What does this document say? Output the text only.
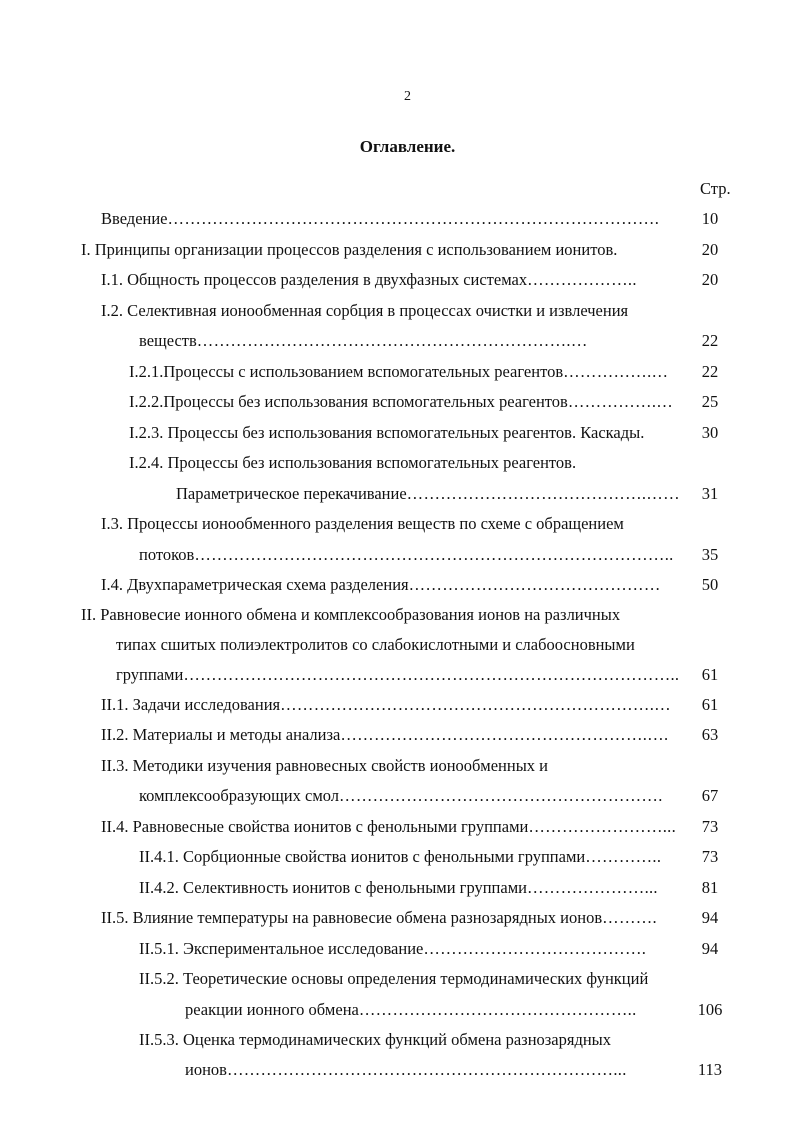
2
Оглавление.
Стр.
Введение…………………………………………………………………………….	10
I. Принципы организации процессов разделения с использованием ионитов.	20
I.1. Общность процессов разделения в двухфазных системах………………..	20
I.2. Селективная ионообменная сорбция в процессах очистки и извлечения
веществ………………………………………………………….…	22
I.2.1.Процессы с использованием вспомогательных реагентов…………….…	22
I.2.2.Процессы без использования вспомогательных реагентов…………….…	25
I.2.3. Процессы без использования вспомогательных реагентов. Каскады.	30
I.2.4. Процессы без использования вспомогательных реагентов.
Параметрическое перекачивание…………………………………….……	31
I.3. Процессы ионообменного разделения веществ по схеме с обращением
потоков…………………………………………………………………………..	35
I.4. Двухпараметрическая схема разделения………………………………………	50
II. Равновесие ионного обмена и комплексообразования ионов на различных
типах сшитых полиэлектролитов со слабокислотными и слабоосновными
группами……………………………………………………………………………..	61
II.1. Задачи исследования………………………………………………………….…	61
II.2. Материалы и методы анализа……………………………………………….….	63
II.3. Методики изучения равновесных свойств ионообменных и
комплексообразующих смол………………………………………………….	67
II.4. Равновесные свойства ионитов с фенольными группами……………………...	73
II.4.1. Сорбционные свойства ионитов с фенольными группами…………..	73
II.4.2. Селективность ионитов с фенольными группами…………………...	81
II.5. Влияние температуры на равновесие обмена разнозарядных ионов……….	94
II.5.1. Экспериментальное исследование………………………………….	94
II.5.2. Теоретические основы определения термодинамических функций
реакции ионного обмена…………………………………………..	106
II.5.3. Оценка термодинамических функций обмена разнозарядных
ионов……………………………………………………………...	113
